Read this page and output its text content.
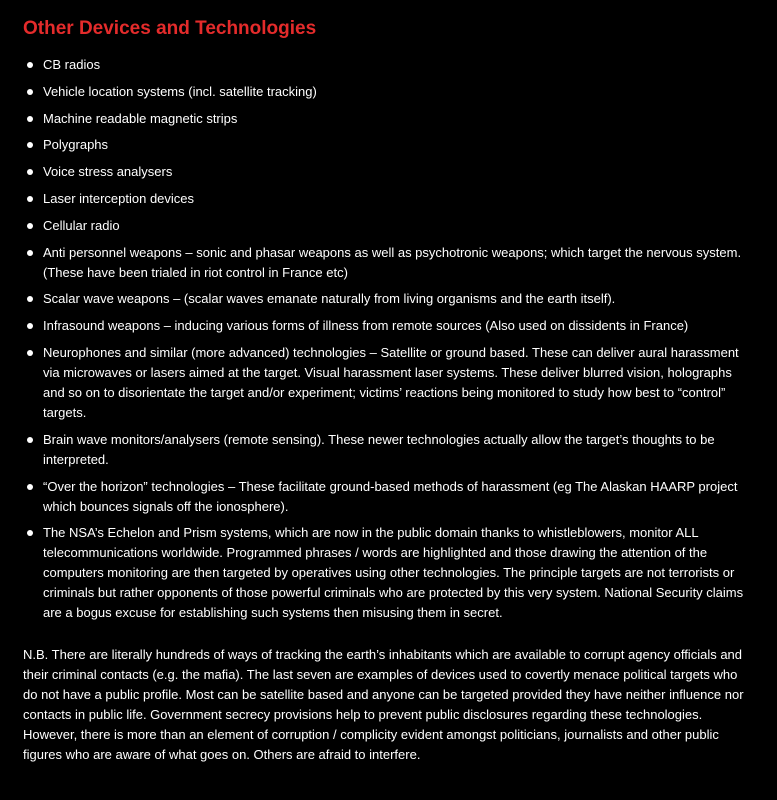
Other Devices and Technologies
CB radios
Vehicle location systems (incl. satellite tracking)
Machine readable magnetic strips
Polygraphs
Voice stress analysers
Laser interception devices
Cellular radio
Anti personnel weapons – sonic and phasar weapons as well as psychotronic weapons; which target the nervous system. (These have been trialed in riot control in France etc)
Scalar wave weapons – (scalar waves emanate naturally from living organisms and the earth itself).
Infrasound weapons – inducing various forms of illness from remote sources (Also used on dissidents in France)
Neurophones and similar (more advanced) technologies – Satellite or ground based. These can deliver aural harassment via microwaves or lasers aimed at the target. Visual harassment laser systems. These deliver blurred vision, holographs and so on to disorientate the target and/or experiment; victims’ reactions being monitored to study how best to “control” targets.
Brain wave monitors/analysers (remote sensing). These newer technologies actually allow the target’s thoughts to be interpreted.
“Over the horizon” technologies – These facilitate ground-based methods of harassment (eg The Alaskan HAARP project which bounces signals off the ionosphere).
The NSA’s Echelon and Prism systems, which are now in the public domain thanks to whistleblowers, monitor ALL telecommunications worldwide. Programmed phrases / words are highlighted and those drawing the attention of the computers monitoring are then targeted by operatives using other technologies. The principle targets are not terrorists or criminals but rather opponents of those powerful criminals who are protected by this very system. National Security claims are a bogus excuse for establishing such systems then misusing them in secret.

N.B. There are literally hundreds of ways of tracking the earth’s inhabitants which are available to corrupt agency officials and their criminal contacts (e.g. the mafia). The last seven are examples of devices used to covertly menace political targets who do not have a public profile. Most can be satellite based and anyone can be targeted provided they have neither influence nor contacts in public life. Government secrecy provisions help to prevent public disclosures regarding these technologies. However, there is more than an element of corruption / complicity evident amongst politicians, journalists and other public figures who are aware of what goes on. Others are afraid to interfere.
